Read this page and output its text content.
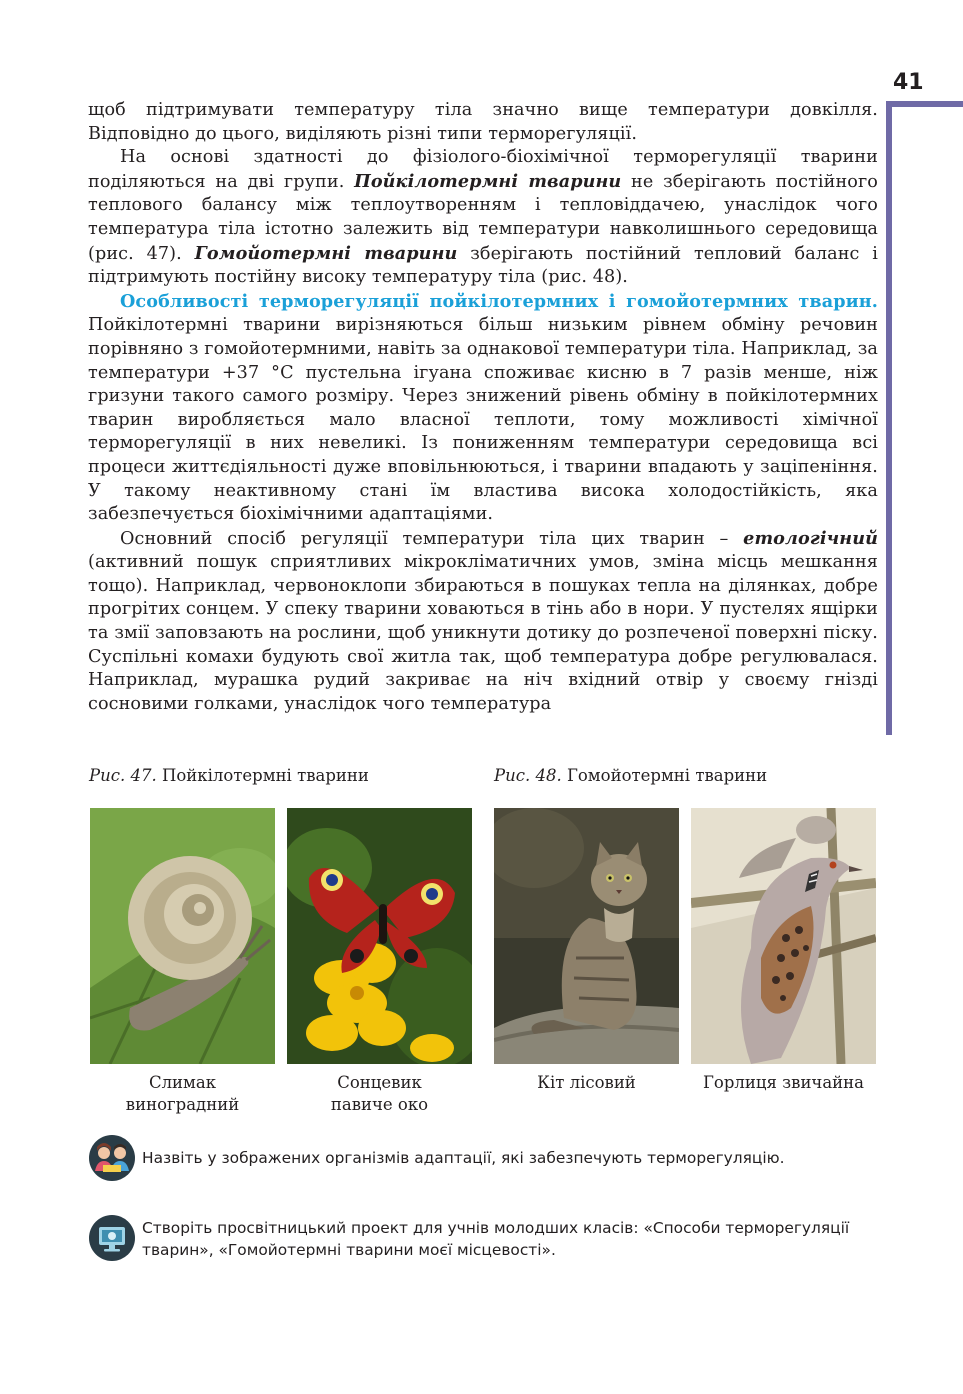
41

щоб підтримувати температуру тіла значно вище температури довкілля. Відповідно до цього, виділяють різні типи терморегуляції.

На основі здатності до фізіолого-біохімічної терморегуляції тварини поділяються на дві групи. Пойкілотермні тварини не зберігають постійного теплового балансу між теплоутворенням і тепловіддачею, унаслідок чого температура тіла істотно залежить від температури навколишнього середовища (рис. 47). Гомойотермні тварини зберігають постійний тепловий баланс і підтримують постійну високу температуру тіла (рис. 48).

Особливості терморегуляції пойкілотермних і гомойотермних тварин. Пойкілотермні тварини вирізняються більш низьким рівнем обміну речовин порівняно з гомойотермними, навіть за однакової температури тіла. Наприклад, за температури +37 °С пустельна ігуана споживає кисню в 7 разів менше, ніж гризуни такого самого розміру. Через знижений рівень обміну в пойкілотермних тварин виробляється мало власної теплоти, тому можливості хімічної терморегуляції в них невеликі. Із пониженням температури середовища всі процеси життєдіяльності дуже вповільнюються, і тварини впадають у заціпеніння. У такому неактивному стані їм властива висока холодостійкість, яка забезпечується біохімічними адаптаціями.

Основний спосіб регуляції температури тіла цих тварин – етологічний (активний пошук сприятливих мікрокліматичних умов, зміна місць мешкання тощо). Наприклад, червоноклопи збираються в пошуках тепла на ділянках, добре прогрітих сонцем. У спеку тварини ховаються в тінь або в нори. У пустелях ящірки та змії заповзають на рослини, щоб уникнути дотику до розпеченої поверхні піску. Суспільні комахи будують свої житла так, щоб температура добре регулювалася. Наприклад, мурашка рудий закриває на ніч вхідний отвір у своєму гнізді сосновими голками, унаслідок чого температура

Рис. 47. Пойкілотермні тварини	Рис. 48. Гомойотермні тварини
Слимак
виноградний
Сонцевик
павиче око
Кіт лісовий	Горлиця звичайна
Назвіть у зображених організмів адаптації, які забезпечують терморегуляцію.
Створіть просвітницький проект для учнів молодших класів: «Способи терморегуляції тварин», «Гомойотермні тварини моєї місцевості».
